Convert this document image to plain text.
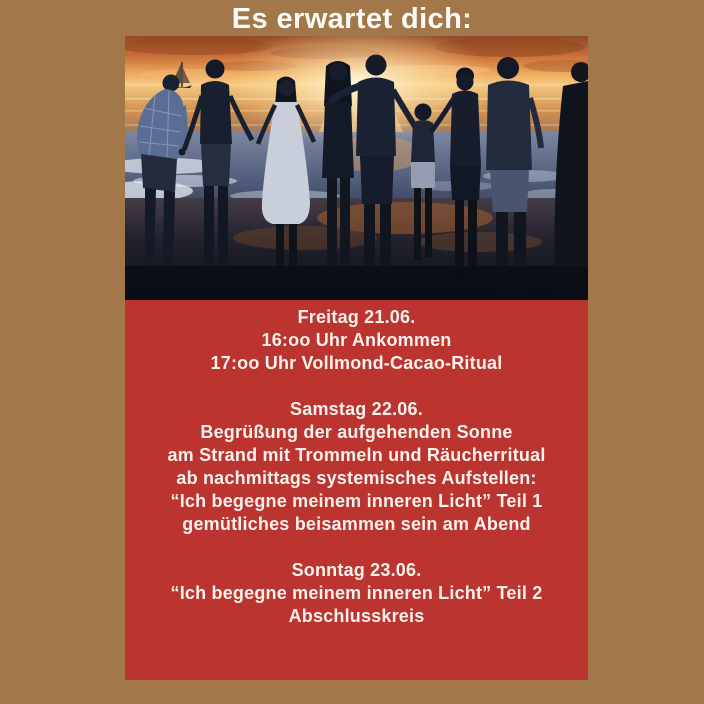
Es erwartet dich:

Freitag 21.06.

16:oo Uhr Ankommen

17:oo Uhr Vollmond-Cacao-Ritual

Samstag 22.06.

Begrüßung der aufgehenden Sonne

am Strand mit Trommeln und Räucherritual

ab nachmittags systemisches Aufstellen:

“Ich begegne meinem inneren Licht” Teil 1

gemütliches beisammen sein am Abend

Sonntag 23.06.

“Ich begegne meinem inneren Licht” Teil 2

Abschlusskreis
